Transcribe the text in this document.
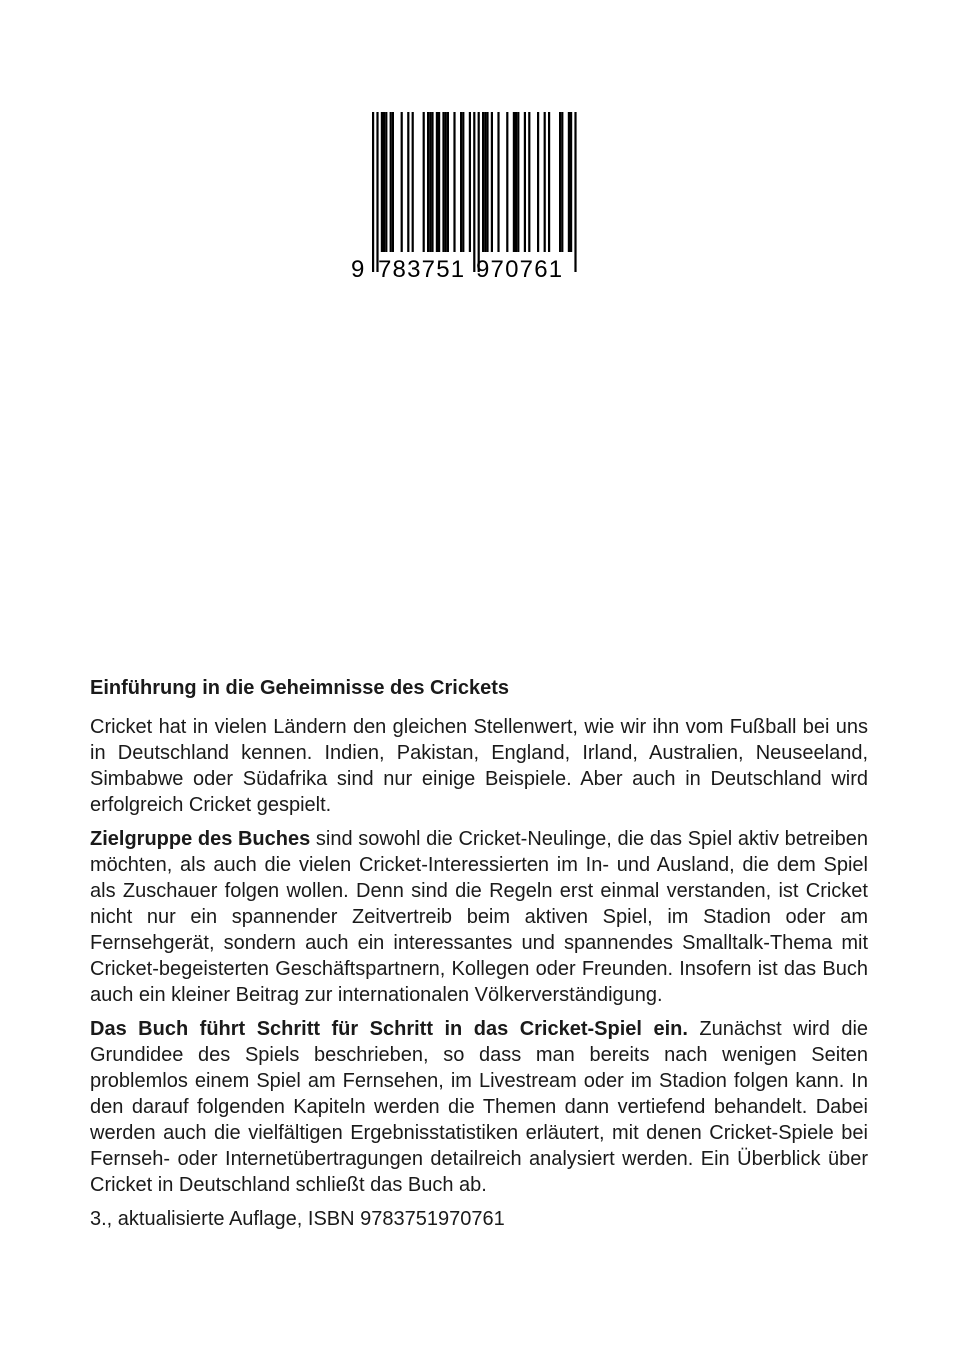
9 783751 970761
Einführung in die Geheimnisse des Crickets

Cricket hat in vielen Ländern den gleichen Stellenwert, wie wir ihn vom Fußball bei uns in Deutschland kennen. Indien, Pakistan, England, Irland, Australien, Neuseeland, Simbabwe oder Südafrika sind nur einige Beispiele. Aber auch in Deutschland wird erfolgreich Cricket gespielt.

Zielgruppe des Buches sind sowohl die Cricket-Neulinge, die das Spiel aktiv betreiben möchten, als auch die vielen Cricket-Interessierten im In- und Ausland, die dem Spiel als Zuschauer folgen wollen. Denn sind die Regeln erst einmal verstanden, ist Cricket nicht nur ein spannender Zeitvertreib beim aktiven Spiel, im Stadion oder am Fernsehgerät, sondern auch ein interessantes und spannendes Smalltalk-Thema mit Cricket-begeisterten Geschäftspartnern, Kollegen oder Freunden. Insofern ist das Buch auch ein kleiner Beitrag zur internationalen Völkerverständigung.

Das Buch führt Schritt für Schritt in das Cricket-Spiel ein. Zunächst wird die Grundidee des Spiels beschrieben, so dass man bereits nach wenigen Seiten problemlos einem Spiel am Fernsehen, im Livestream oder im Stadion folgen kann. In den darauf folgenden Kapiteln werden die Themen dann vertiefend behandelt. Dabei werden auch die vielfältigen Ergebnisstatistiken erläutert, mit denen Cricket-Spiele bei Fernseh- oder Internetübertragungen detailreich analysiert werden. Ein Überblick über Cricket in Deutschland schließt das Buch ab.

3., aktualisierte Auflage, ISBN 9783751970761
